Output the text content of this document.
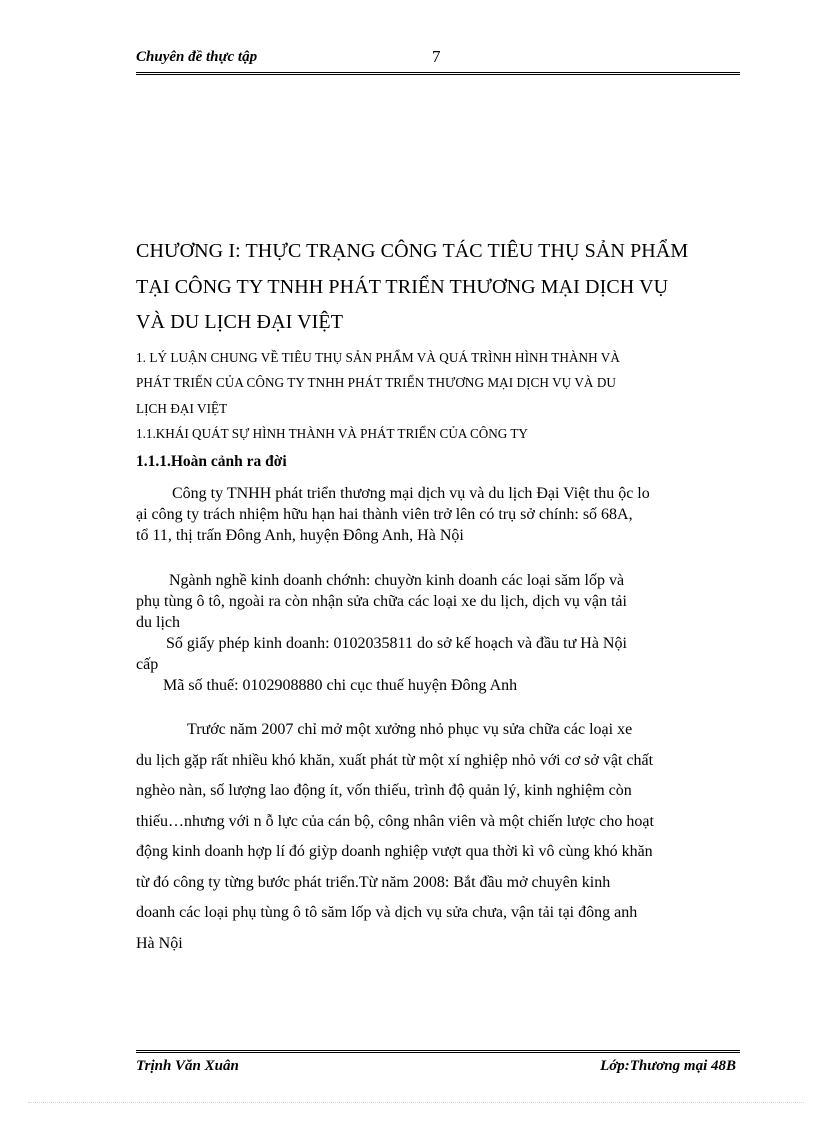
Chuyên đề thực tập	7
CHƯƠNG I: THỰC TRẠNG CÔNG TÁC TIÊU THỤ SẢN PHẨM
TẠI CÔNG TY TNHH PHÁT TRIỂN THƯƠNG MẠI DỊCH VỤ
VÀ DU LỊCH ĐẠI VIỆT
1. LÝ LUẬN CHUNG VỀ TIÊU THỤ SẢN PHẨM VÀ QUÁ TRÌNH HÌNH THÀNH VÀ
PHÁT TRIỂN CỦA CÔNG TY TNHH PHÁT TRIỂN THƯƠNG MẠI DỊCH VỤ VÀ DU
LỊCH ĐẠI VIỆT
1.1.KHÁI QUÁT SỰ HÌNH THÀNH VÀ PHÁT TRIỂN CỦA CÔNG TY
1.1.1.Hoàn cảnh ra đời

Công ty TNHH phát triển thương mại dịch vụ và du lịch Đại Việt thu ộc lo
ại công ty trách nhiệm hữu hạn hai thành viên trở lên có trụ sở chính: số 68A,
tổ 11, thị trấn Đông Anh, huyện Đông Anh, Hà Nội

Ngành nghề kinh doanh chớnh: chuyờn kinh doanh các loại săm lốp và
phụ tùng ô tô, ngoài ra còn nhận sửa chữa các loại xe du lịch, dịch vụ vận tải
du lịch

Số giấy phép kinh doanh: 0102035811 do sở kế hoạch và đầu tư Hà Nội
cấp

Mã số thuế: 0102908880 chi cục thuế huyện Đông Anh

Trước năm 2007 chỉ mở một xưởng nhỏ phục vụ sửa chữa các loại xe
du lịch gặp rất nhiều khó khăn, xuất phát từ một xí nghiệp nhỏ với cơ sở vật chất
nghèo nàn, số lượng lao động ít, vốn thiếu, trình độ quản lý, kinh nghiệm còn
thiếu…nhưng với n ỗ lực của cán bộ, công nhân viên và một chiến lược cho hoạt
động kinh doanh hợp lí đó giỳp doanh nghiệp vượt qua thời kì vô cùng khó khăn
từ đó công ty từng bước phát triển.Từ năm 2008: Bắt đầu mở chuyên kinh
doanh các loại phụ tùng ô tô săm lốp và dịch vụ sửa chưa, vận tải tại đông anh
Hà Nội

Trịnh Văn Xuân	Lớp:Thương mại 48B
